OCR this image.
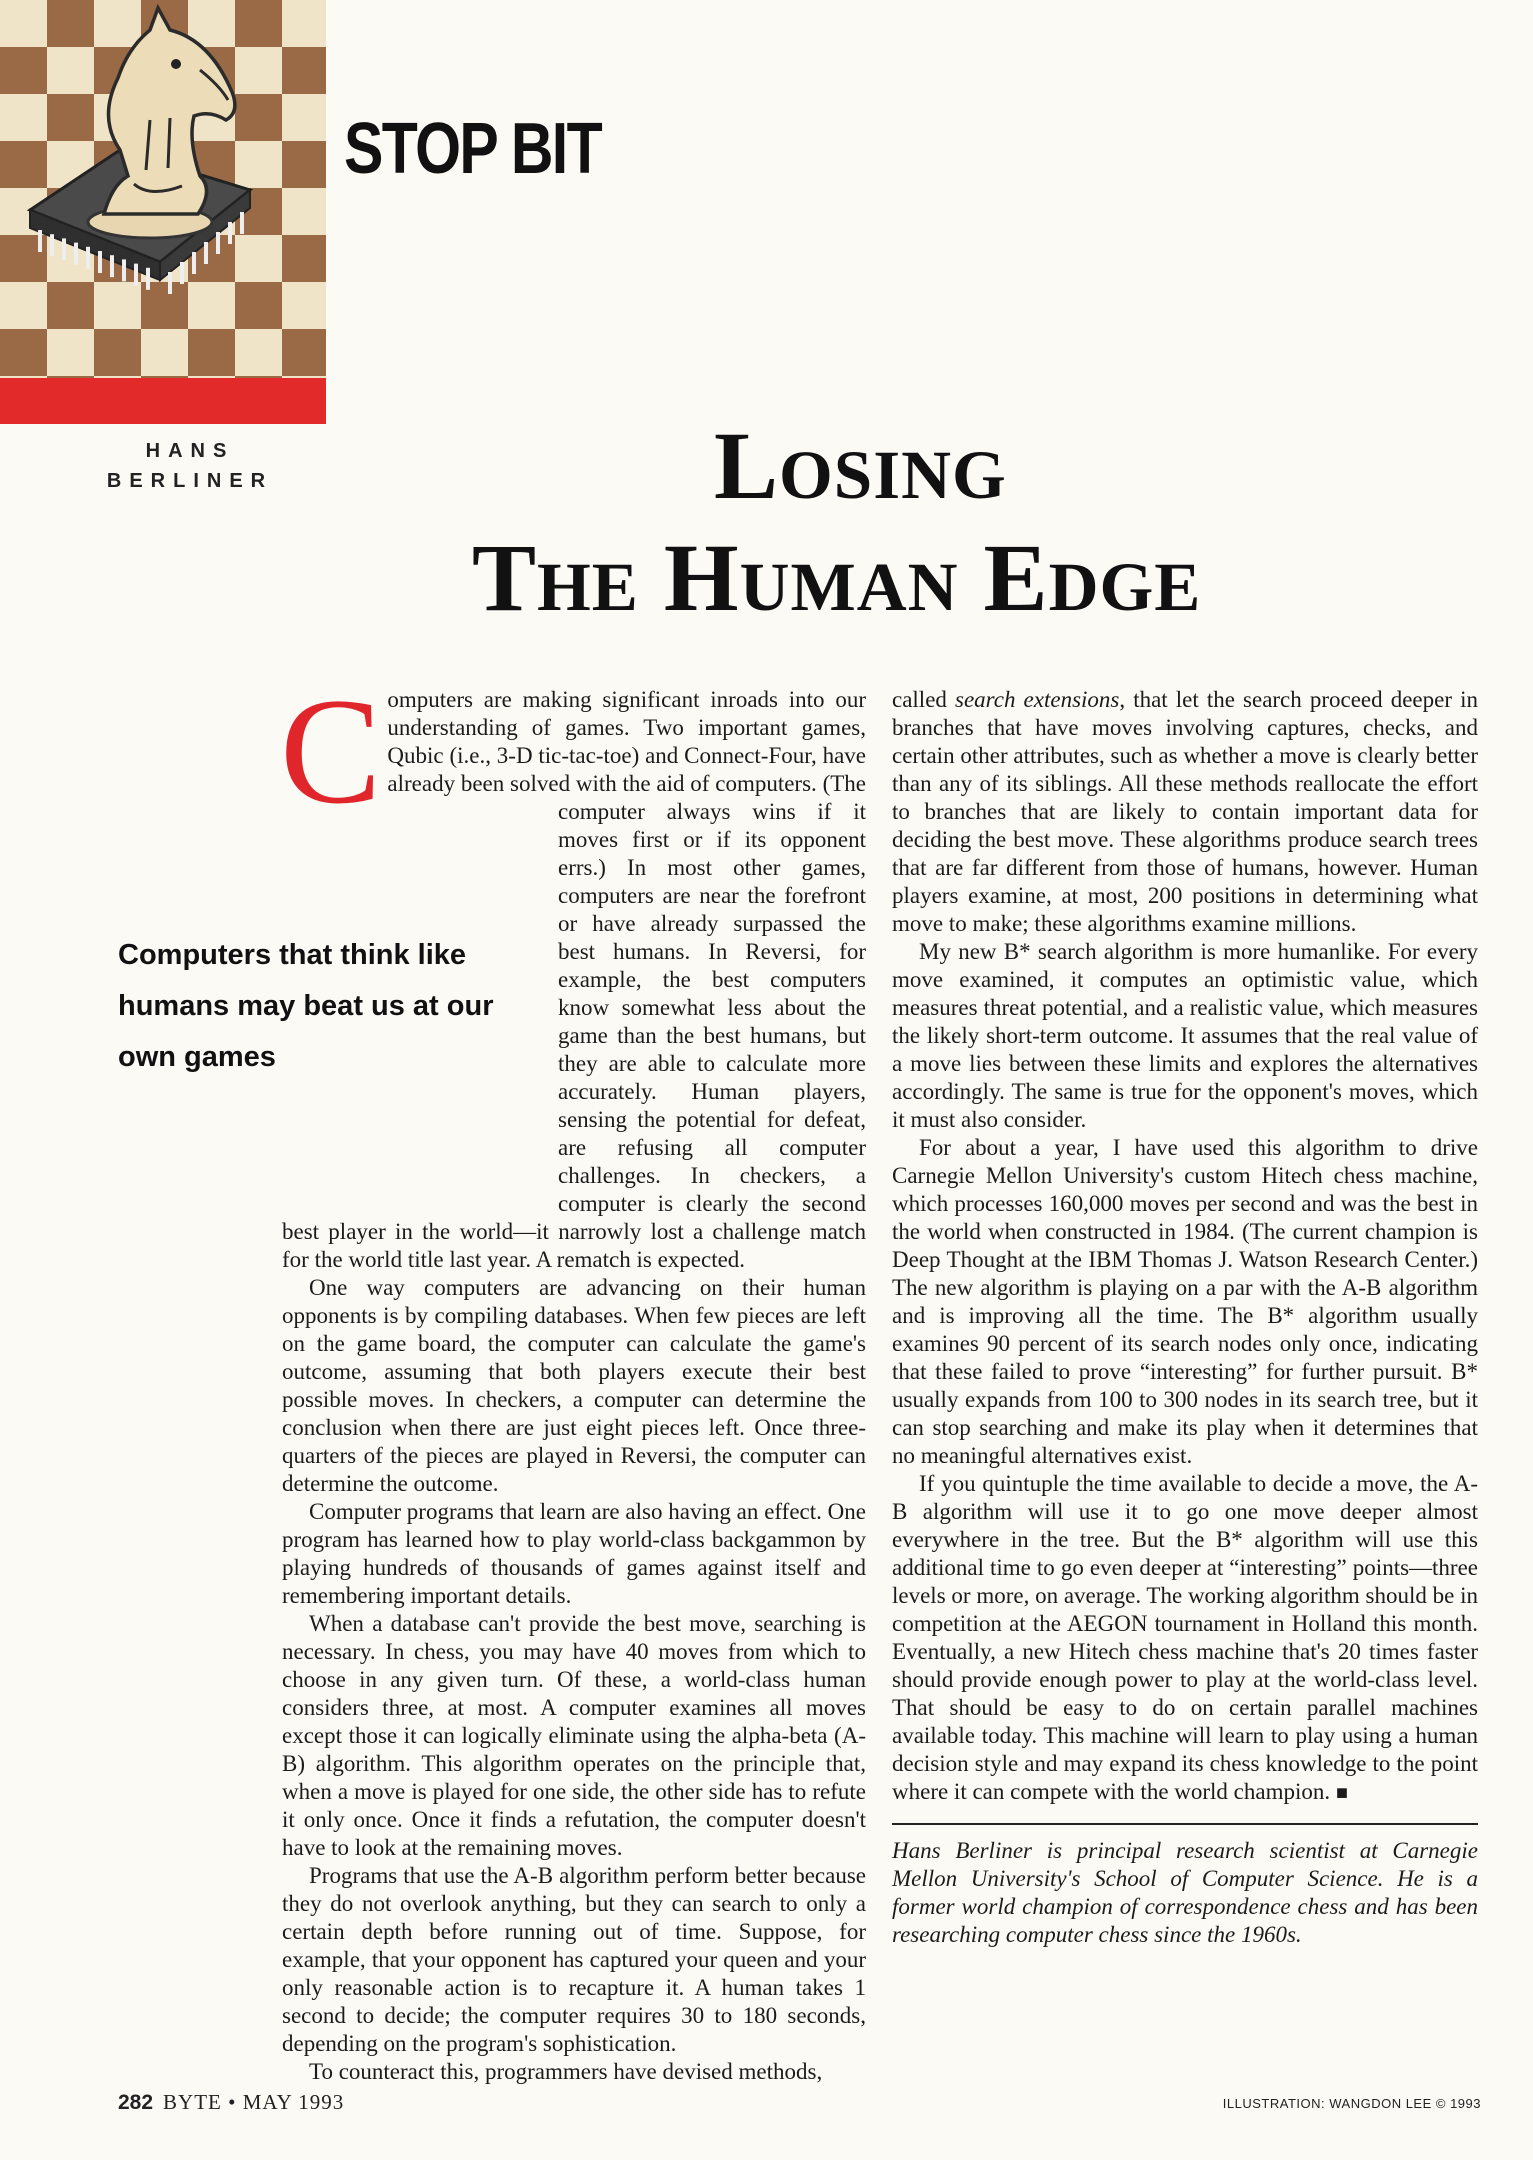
STOP BIT
HANS
BERLINER	LOSING
THE HUMAN EDGE
Computers that think like humans may beat us at our own games

Computers are making significant inroads into our understanding of games. Two important games, Qubic (i.e., 3-D tic-tac-toe) and Connect-Four, have already been solved with the aid of computers. (The computer always wins if it moves first or if its opponent errs.) In most other games, computers are near the forefront or have already surpassed the best humans. In Reversi, for example, the best computers know somewhat less about the game than the best humans, but they are able to calculate more accurately. Human players, sensing the potential for defeat, are refusing all computer challenges. In checkers, a computer is clearly the second best player in the world—it narrowly lost a challenge match for the world title last year. A rematch is expected.

One way computers are advancing on their human opponents is by compiling databases. When few pieces are left on the game board, the computer can calculate the game's outcome, assuming that both players execute their best possible moves. In checkers, a computer can determine the conclusion when there are just eight pieces left. Once three-quarters of the pieces are played in Reversi, the computer can determine the outcome.

Computer programs that learn are also having an effect. One program has learned how to play world-class backgammon by playing hundreds of thousands of games against itself and remembering important details.

When a database can't provide the best move, searching is necessary. In chess, you may have 40 moves from which to choose in any given turn. Of these, a world-class human considers three, at most. A computer examines all moves except those it can logically eliminate using the alpha-beta (A-B) algorithm. This algorithm operates on the principle that, when a move is played for one side, the other side has to refute it only once. Once it finds a refutation, the computer doesn't have to look at the remaining moves.

Programs that use the A-B algorithm perform better because they do not overlook anything, but they can search to only a certain depth before running out of time. Suppose, for example, that your opponent has captured your queen and your only reasonable action is to recapture it. A human takes 1 second to decide; the computer requires 30 to 180 seconds, depending on the program's sophistication.

To counteract this, programmers have devised methods,

called search extensions, that let the search proceed deeper in branches that have moves involving captures, checks, and certain other attributes, such as whether a move is clearly better than any of its siblings. All these methods reallocate the effort to branches that are likely to contain important data for deciding the best move. These algorithms produce search trees that are far different from those of humans, however. Human players examine, at most, 200 positions in determining what move to make; these algorithms examine millions.

My new B* search algorithm is more humanlike. For every move examined, it computes an optimistic value, which measures threat potential, and a realistic value, which measures the likely short-term outcome. It assumes that the real value of a move lies between these limits and explores the alternatives accordingly. The same is true for the opponent's moves, which it must also consider.

For about a year, I have used this algorithm to drive Carnegie Mellon University's custom Hitech chess machine, which processes 160,000 moves per second and was the best in the world when constructed in 1984. (The current champion is Deep Thought at the IBM Thomas J. Watson Research Center.) The new algorithm is playing on a par with the A-B algorithm and is improving all the time. The B* algorithm usually examines 90 percent of its search nodes only once, indicating that these failed to prove “interesting” for further pursuit. B* usually expands from 100 to 300 nodes in its search tree, but it can stop searching and make its play when it determines that no meaningful alternatives exist.

If you quintuple the time available to decide a move, the A-B algorithm will use it to go one move deeper almost everywhere in the tree. But the B* algorithm will use this additional time to go even deeper at “interesting” points—three levels or more, on average. The working algorithm should be in competition at the AEGON tournament in Holland this month. Eventually, a new Hitech chess machine that's 20 times faster should provide enough power to play at the world-class level. That should be easy to do on certain parallel machines available today. This machine will learn to play using a human decision style and may expand its chess knowledge to the point where it can compete with the world champion. ■

Hans Berliner is principal research scientist at Carnegie Mellon University's School of Computer Science. He is a former world champion of correspondence chess and has been researching computer chess since the 1960s.

282 BYTE • MAY 1993	ILLUSTRATION: WANGDON LEE © 1993
